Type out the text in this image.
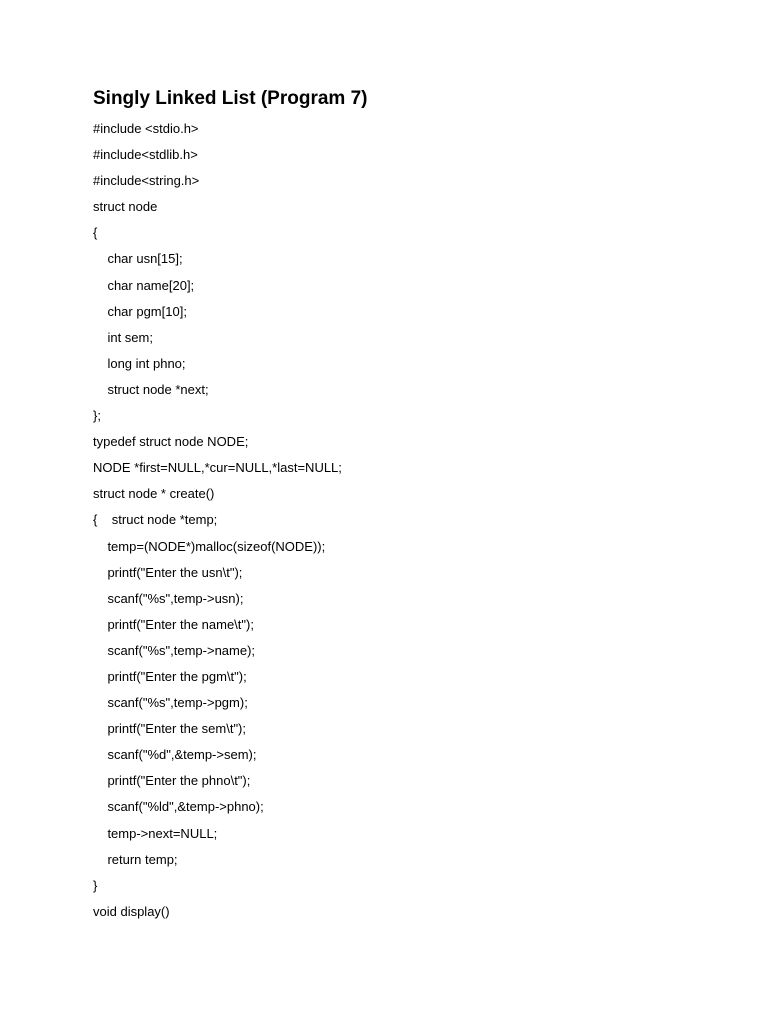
Singly Linked List (Program 7)
#include <stdio.h>
#include<stdlib.h>
#include<string.h>
struct node
{
char usn[15];
char name[20];
char pgm[10];
int sem;
long int phno;
struct node *next;
};
typedef struct node NODE;
NODE *first=NULL,*cur=NULL,*last=NULL;
struct node * create()
{    struct node *temp;
temp=(NODE*)malloc(sizeof(NODE));
printf("Enter the usn\t");
scanf("%s",temp->usn);
printf("Enter the name\t");
scanf("%s",temp->name);
printf("Enter the pgm\t");
scanf("%s",temp->pgm);
printf("Enter the sem\t");
scanf("%d",&temp->sem);
printf("Enter the phno\t");
scanf("%ld",&temp->phno);
temp->next=NULL;
return temp;
}
void display()
